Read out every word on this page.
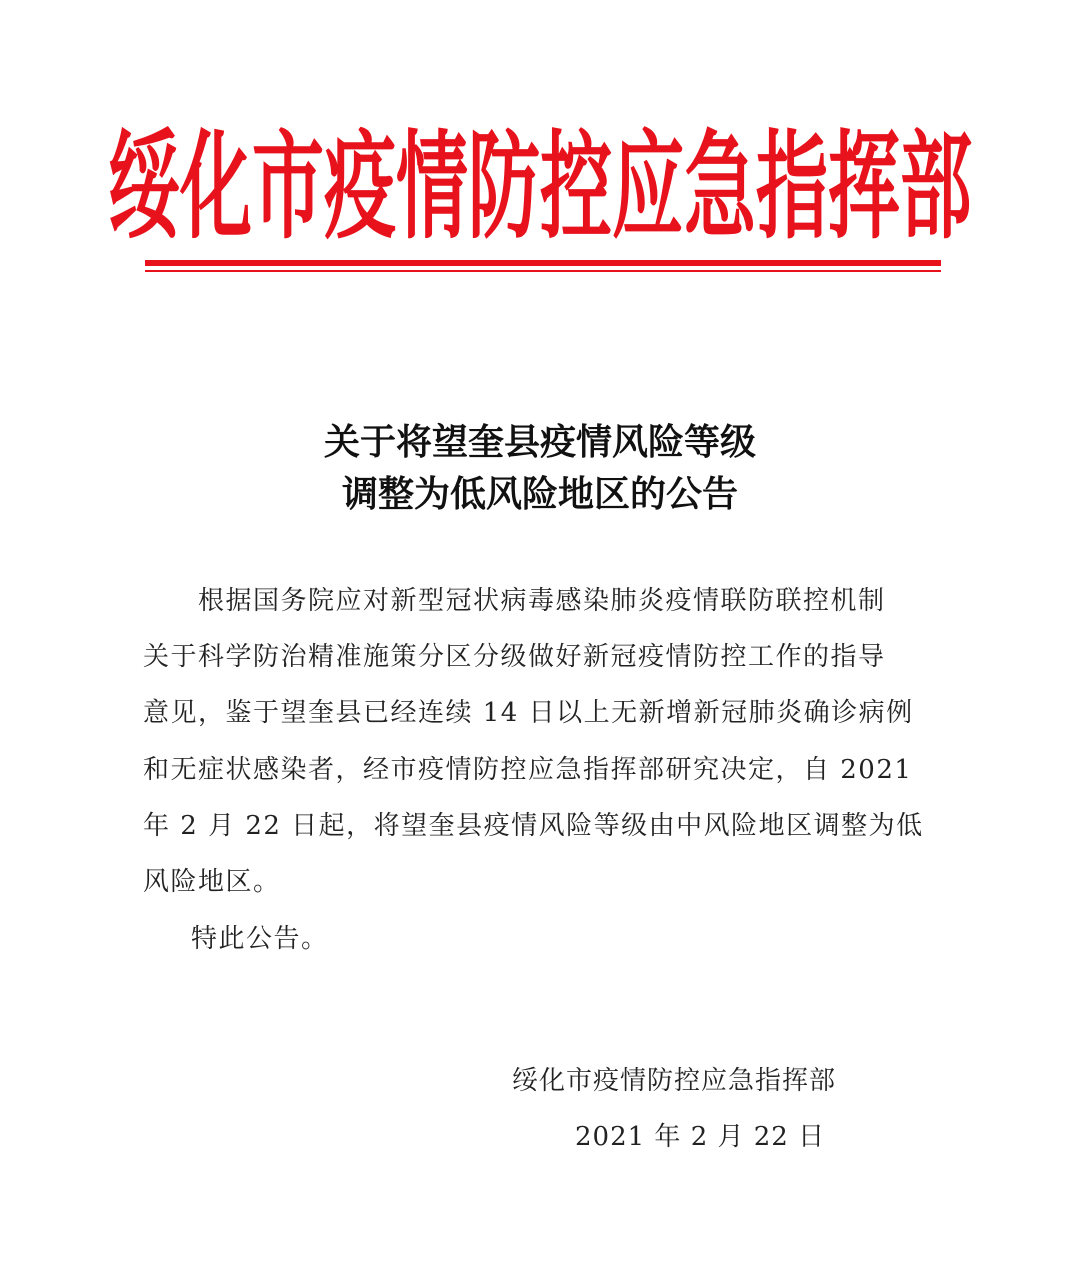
绥化市疫情防控应急指挥部
关于将望奎县疫情风险等级
调整为低风险地区的公告
　　根据国务院应对新型冠状病毒感染肺炎疫情联防联控机制
关于科学防治精准施策分区分级做好新冠疫情防控工作的指导
意见，鉴于望奎县已经连续 14 日以上无新增新冠肺炎确诊病例
和无症状感染者，经市疫情防控应急指挥部研究决定，自 2021
年 2 月 22 日起，将望奎县疫情风险等级由中风险地区调整为低
风险地区。
特此公告。
绥化市疫情防控应急指挥部
2021 年 2 月 22 日
